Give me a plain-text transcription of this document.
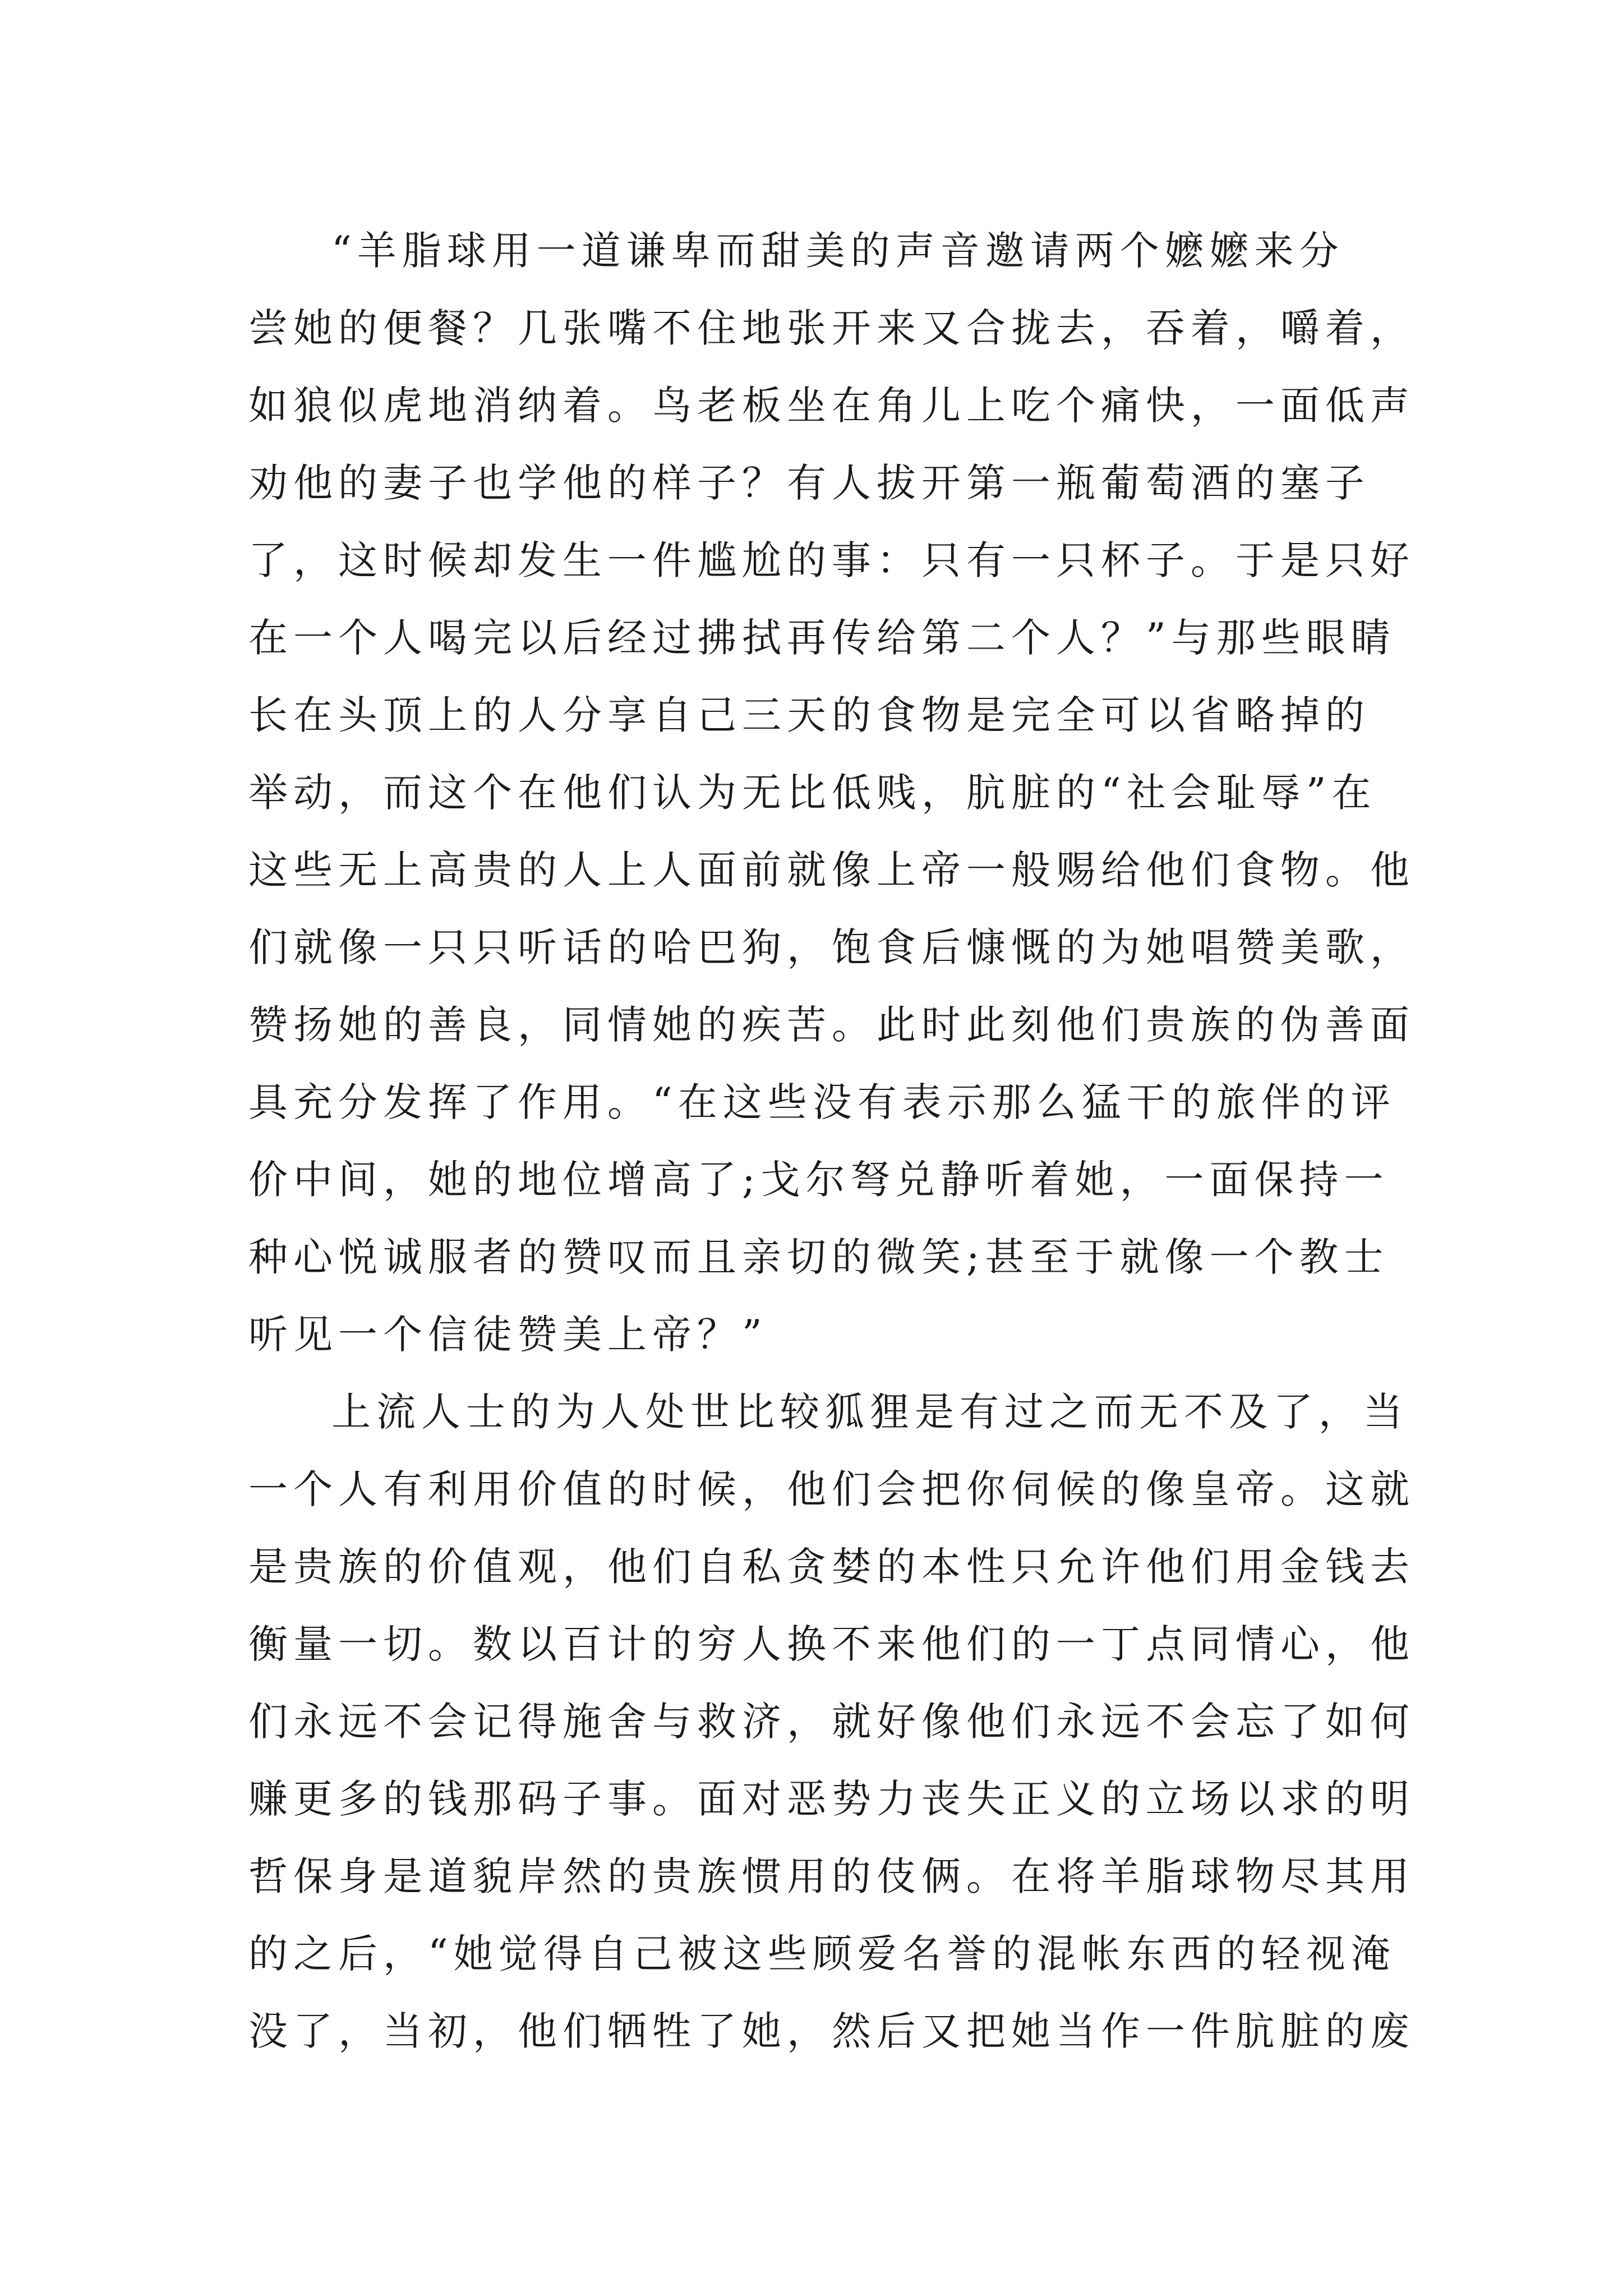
“羊脂球用一道谦卑而甜美的声音邀请两个嬷嬷来分
尝她的便餐？几张嘴不住地张开来又合拢去，吞着，嚼着，
如狼似虎地消纳着。鸟老板坐在角儿上吃个痛快，一面低声
劝他的妻子也学他的样子？有人拔开第一瓶葡萄酒的塞子
了，这时候却发生一件尴尬的事：只有一只杯子。于是只好
在一个人喝完以后经过拂拭再传给第二个人？”与那些眼睛
长在头顶上的人分享自己三天的食物是完全可以省略掉的
举动，而这个在他们认为无比低贱，肮脏的“社会耻辱”在
这些无上高贵的人上人面前就像上帝一般赐给他们食物。他
们就像一只只听话的哈巴狗，饱食后慷慨的为她唱赞美歌，
赞扬她的善良，同情她的疾苦。此时此刻他们贵族的伪善面
具充分发挥了作用。“在这些没有表示那么猛干的旅伴的评
价中间，她的地位增高了;戈尔弩兑静听着她，一面保持一
种心悦诚服者的赞叹而且亲切的微笑;甚至于就像一个教士
听见一个信徒赞美上帝？”
上流人士的为人处世比较狐狸是有过之而无不及了，当
一个人有利用价值的时候，他们会把你伺候的像皇帝。这就
是贵族的价值观，他们自私贪婪的本性只允许他们用金钱去
衡量一切。数以百计的穷人换不来他们的一丁点同情心，他
们永远不会记得施舍与救济，就好像他们永远不会忘了如何
赚更多的钱那码子事。面对恶势力丧失正义的立场以求的明
哲保身是道貌岸然的贵族惯用的伎俩。在将羊脂球物尽其用
的之后，“她觉得自己被这些顾爱名誉的混帐东西的轻视淹
没了，当初，他们牺牲了她，然后又把她当作一件肮脏的废
